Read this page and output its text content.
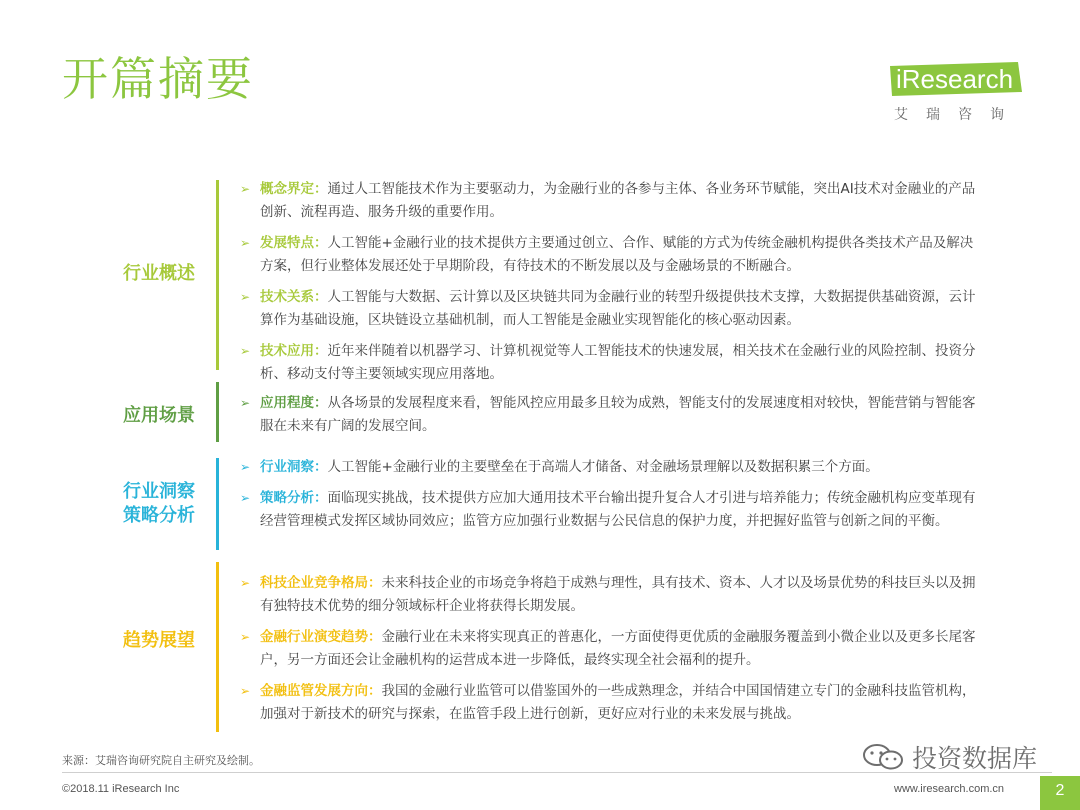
开篇摘要	iResearch
艾瑞咨询
行业概述
➢ 概念界定：通过人工智能技术作为主要驱动力，为金融行业的各参与主体、各业务环节赋能，突出AI技术对金融业的产品创新、流程再造、服务升级的重要作用。
➢ 发展特点：人工智能+金融行业的技术提供方主要通过创立、合作、赋能的方式为传统金融机构提供各类技术产品及解决方案，但行业整体发展还处于早期阶段，有待技术的不断发展以及与金融场景的不断融合。
➢ 技术关系：人工智能与大数据、云计算以及区块链共同为金融行业的转型升级提供技术支撑，大数据提供基础资源，云计算作为基础设施，区块链设立基础机制，而人工智能是金融业实现智能化的核心驱动因素。
➢ 技术应用：近年来伴随着以机器学习、计算机视觉等人工智能技术的快速发展，相关技术在金融行业的风险控制、投资分析、移动支付等主要领域实现应用落地。
应用场景
➢ 应用程度：从各场景的发展程度来看，智能风控应用最多且较为成熟，智能支付的发展速度相对较快，智能营销与智能客服在未来有广阔的发展空间。
行业洞察
策略分析
➢ 行业洞察：人工智能+金融行业的主要壁垒在于高端人才储备、对金融场景理解以及数据积累三个方面。
➢ 策略分析：面临现实挑战，技术提供方应加大通用技术平台输出提升复合人才引进与培养能力；传统金融机构应变革现有经营管理模式发挥区域协同效应；监管方应加强行业数据与公民信息的保护力度，并把握好监管与创新之间的平衡。
趋势展望
➢ 科技企业竞争格局：未来科技企业的市场竞争将趋于成熟与理性，具有技术、资本、人才以及场景优势的科技巨头以及拥有独特技术优势的细分领域标杆企业将获得长期发展。
➢ 金融行业演变趋势：金融行业在未来将实现真正的普惠化，一方面使得更优质的金融服务覆盖到小微企业以及更多长尾客户，另一方面还会让金融机构的运营成本进一步降低，最终实现全社会福利的提升。
➢ 金融监管发展方向：我国的金融行业监管可以借鉴国外的一些成熟理念，并结合中国国情建立专门的金融科技监管机构，加强对于新技术的研究与探索，在监管手段上进行创新，更好应对行业的未来发展与挑战。
来源：艾瑞咨询研究院自主研究及绘制。
©2018.11 iResearch Inc	www.iresearch.com.cn	2
投资数据库
